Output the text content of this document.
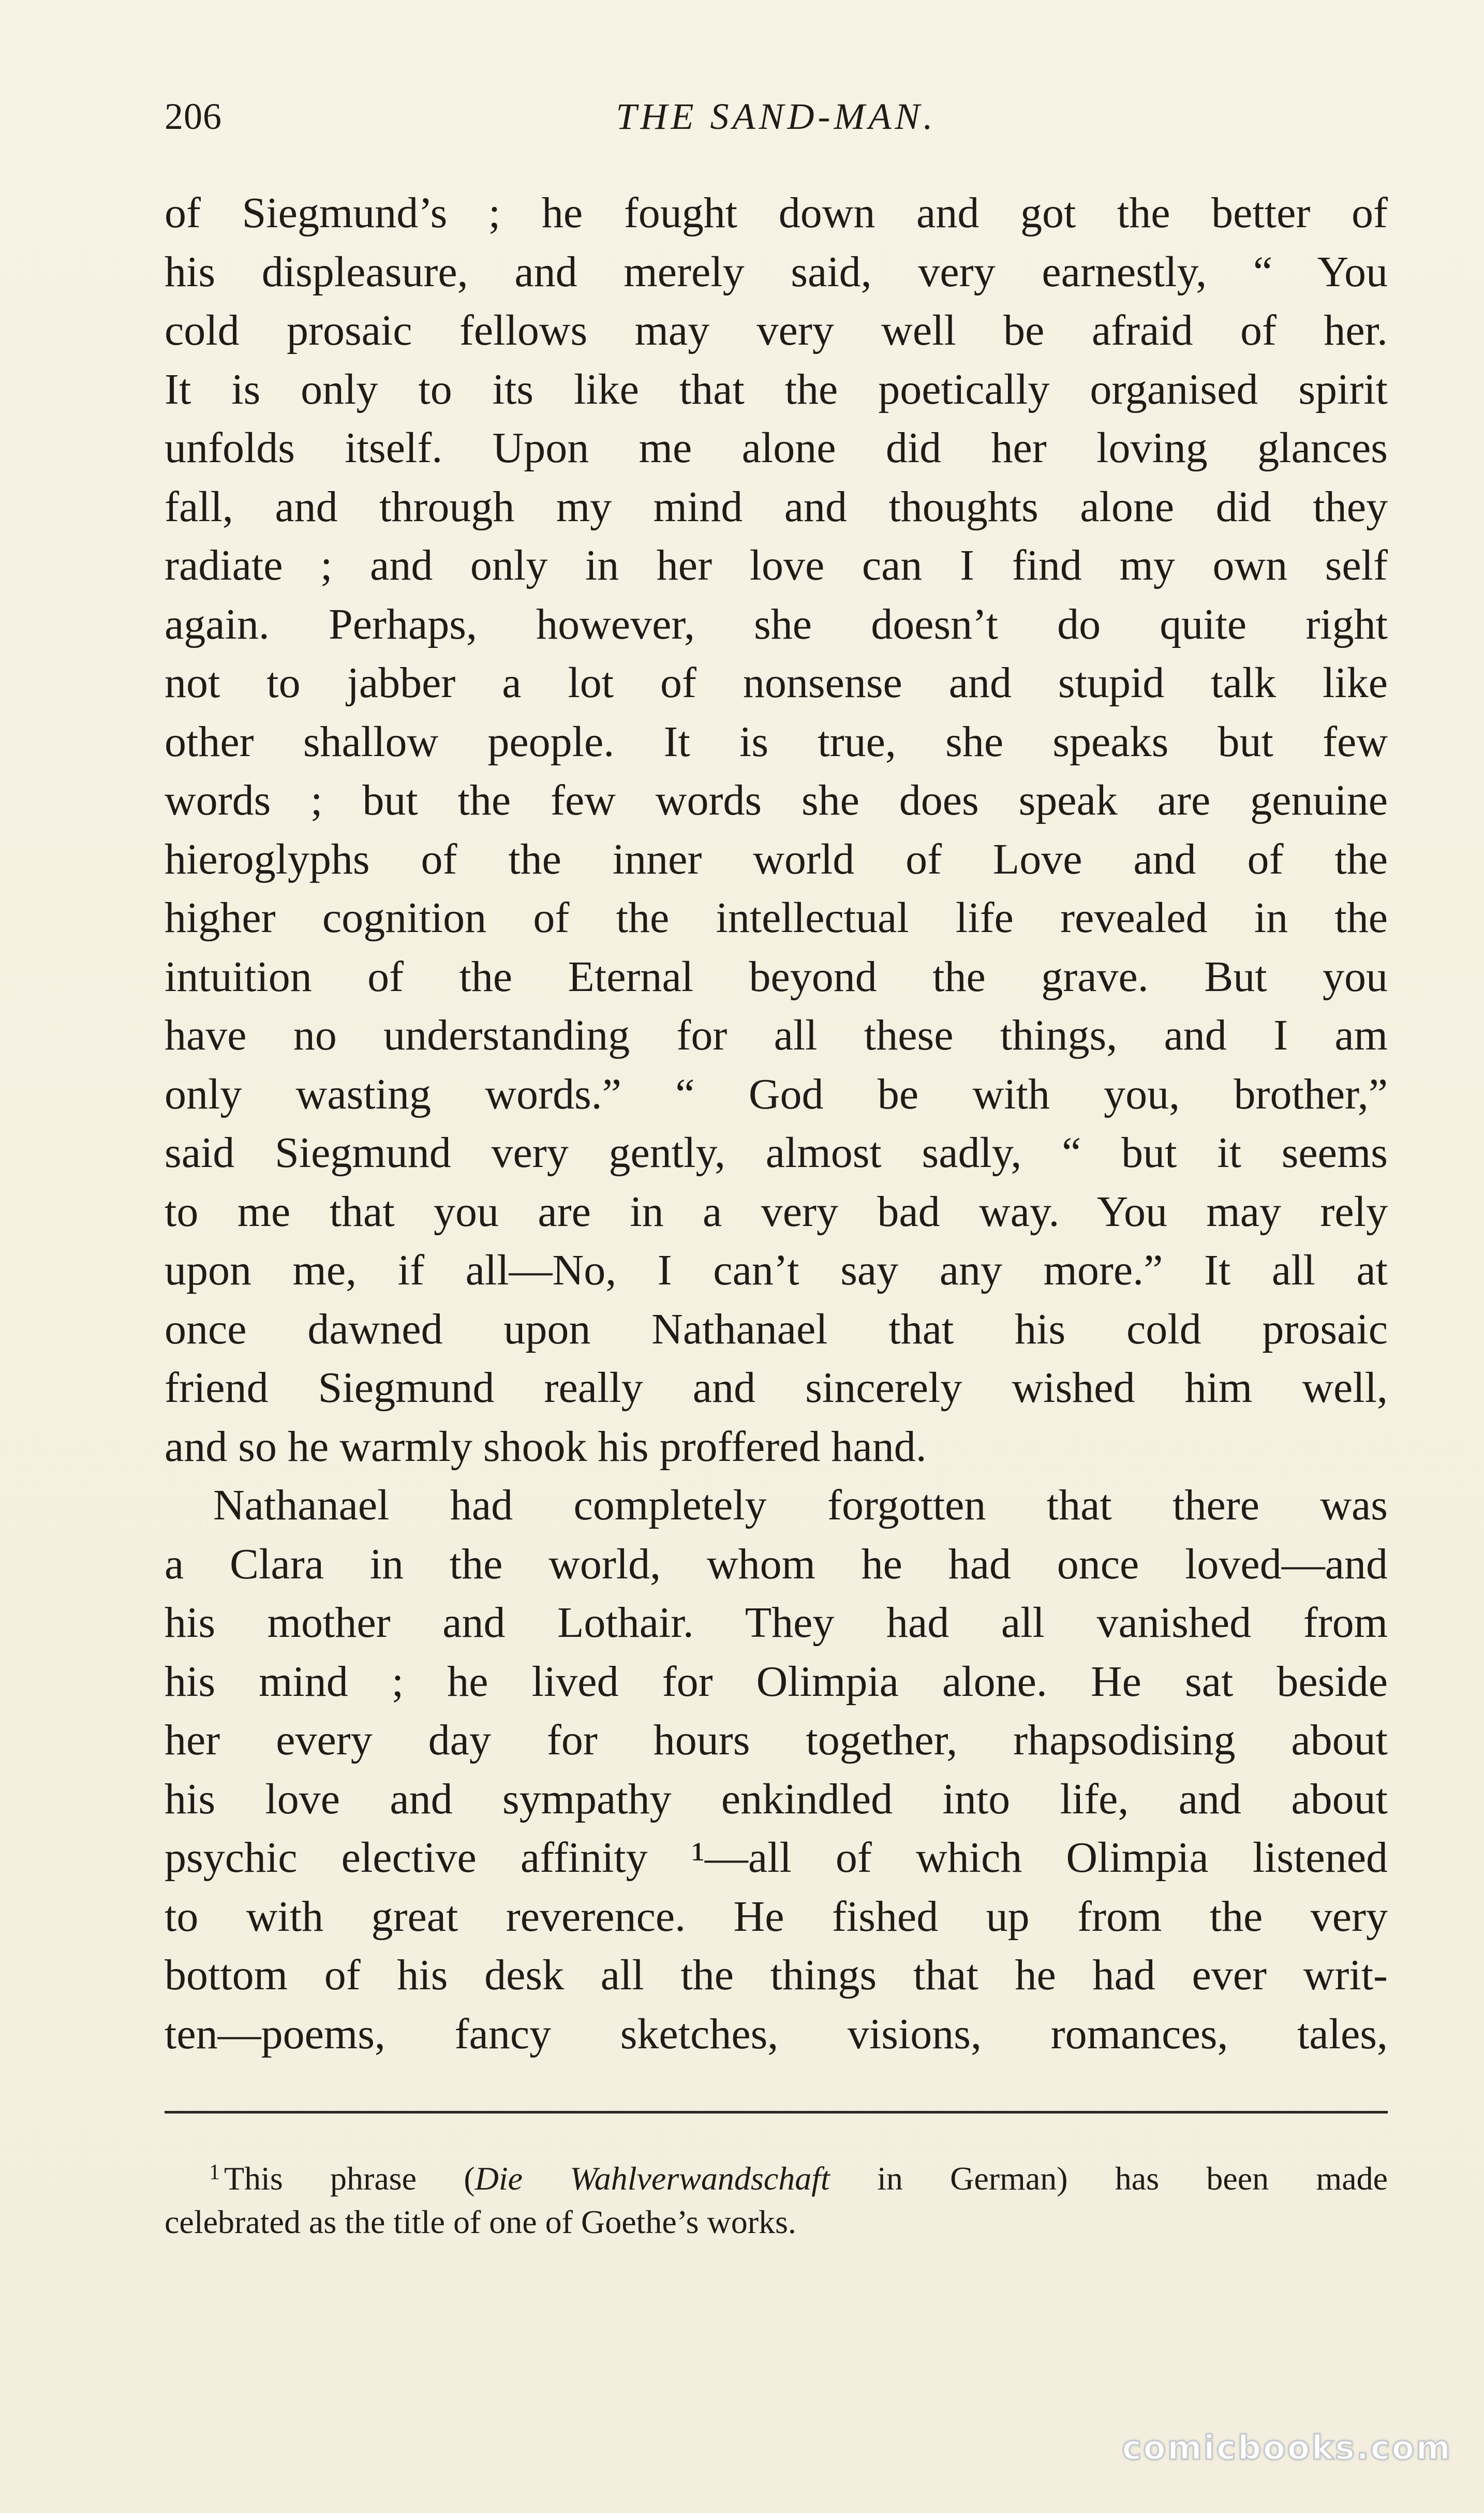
206	THE SAND-MAN.
of Siegmund’s ; he fought down and got the better of
his displeasure, and merely said, very earnestly, “ You
cold prosaic fellows may very well be afraid of her.
It is only to its like that the poetically organised spirit
unfolds itself. Upon me alone did her loving glances
fall, and through my mind and thoughts alone did they
radiate ; and only in her love can I find my own self
again. Perhaps, however, she doesn’t do quite right
not to jabber a lot of nonsense and stupid talk like
other shallow people. It is true, she speaks but few
words ; but the few words she does speak are genuine
hieroglyphs of the inner world of Love and of the
higher cognition of the intellectual life revealed in the
intuition of the Eternal beyond the grave. But you
have no understanding for all these things, and I am
only wasting words.” “ God be with you, brother,”
said Siegmund very gently, almost sadly, “ but it seems
to me that you are in a very bad way. You may rely
upon me, if all—No, I can’t say any more.” It all at
once dawned upon Nathanael that his cold prosaic
friend Siegmund really and sincerely wished him well,
and so he warmly shook his proffered hand.
Nathanael had completely forgotten that there was
a Clara in the world, whom he had once loved—and
his mother and Lothair. They had all vanished from
his mind ; he lived for Olimpia alone. He sat beside
her every day for hours together, rhapsodising about
his love and sympathy enkindled into life, and about
psychic elective affinity ¹—all of which Olimpia listened
to with great reverence. He fished up from the very
bottom of his desk all the things that he had ever writ-
ten—poems, fancy sketches, visions, romances, tales,
$^1$ This phrase (Die Wahlverwandschaft in German) has been made
celebrated as the title of one of Goethe’s works.
comicbooks.com
